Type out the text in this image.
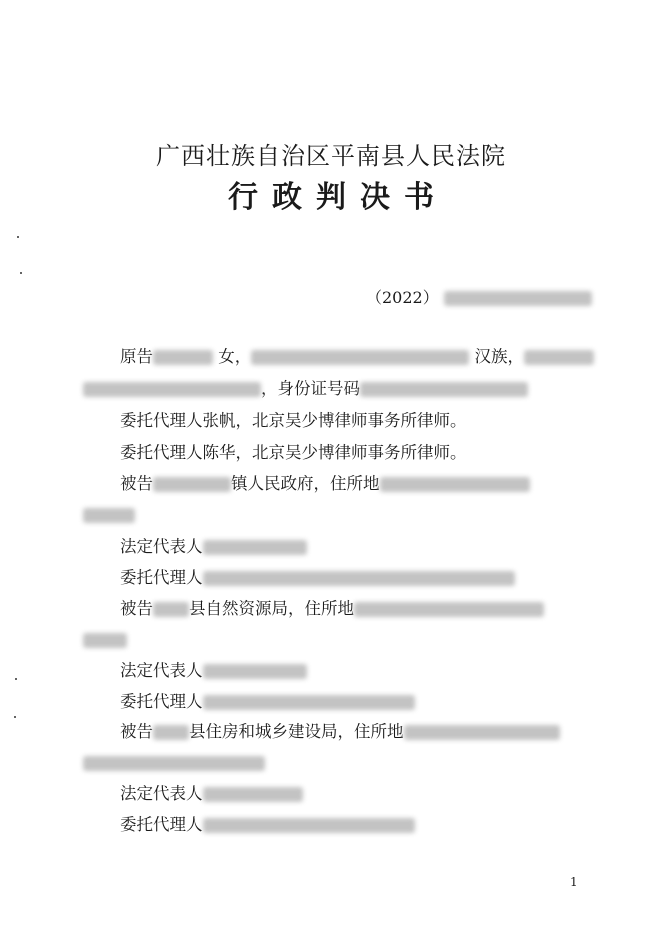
广西壮族自治区平南县人民法院
行政判决书
（2022）
原告	女，	汉族，
，身份证号码
委托代理人张帆，北京吴少博律师事务所律师。
委托代理人陈华，北京吴少博律师事务所律师。
被告	镇人民政府，住所地
法定代表人
委托代理人
被告 县自然资源局，住所地
法定代表人
委托代理人
被告 县住房和城乡建设局，住所地
法定代表人
委托代理人
1
